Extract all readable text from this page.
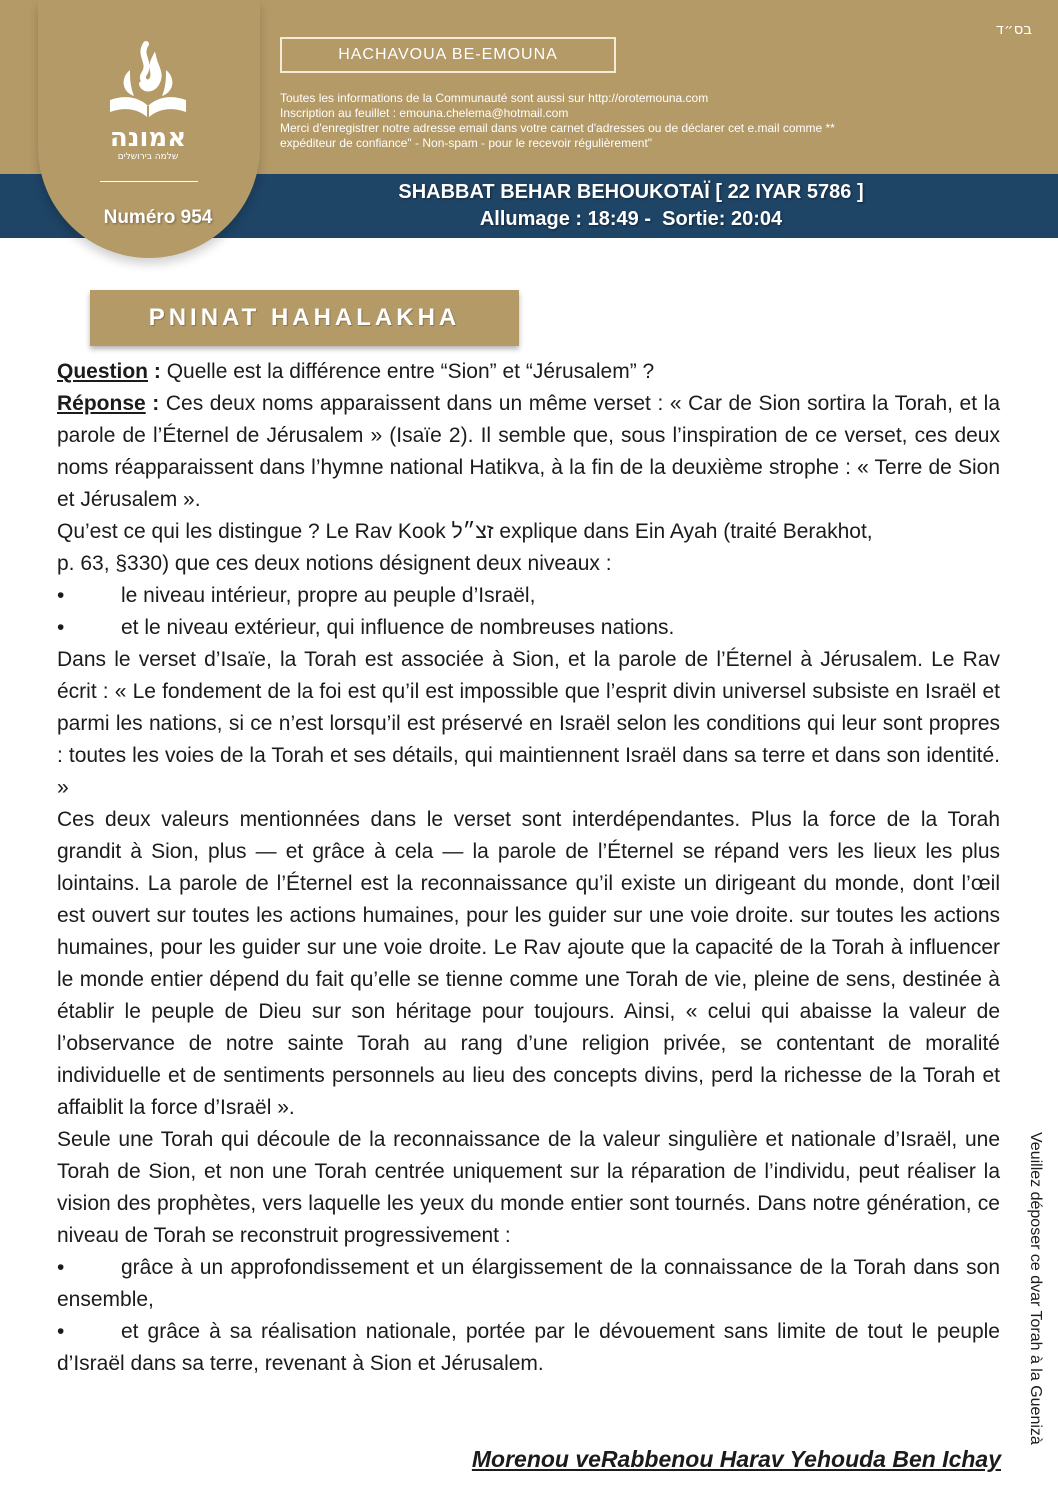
אמונה
שלמה בירושלים
Numéro 954
HACHAVOUA BE-EMOUNA
Toutes les informations de la Communauté sont aussi sur http://orotemouna.com
Inscription au feuillet : emouna.chelema@hotmail.com
Merci d'enregistrer notre adresse email dans votre carnet d'adresses ou de déclarer cet e.mail comme **
expéditeur de confiance" - Non-spam - pour le recevoir régulièrement"
בס״ד
SHABBAT BEHAR BEHOUKOTAÏ [ 22 IYAR 5786 ]
Allumage : 18:49 -  Sortie: 20:04
PNINAT HAHALAKHA

Question : Quelle est la différence entre “Sion” et “Jérusalem” ?

Réponse : Ces deux noms apparaissent dans un même verset : « Car de Sion sortira la Torah, et la parole de l’Éternel de Jérusalem » (Isaïe 2). Il semble que, sous l’inspiration de ce verset, ces deux noms réapparaissent dans l’hymne national Hatikva, à la fin de la deuxième strophe : « Terre de Sion et Jérusalem ».

Qu’est ce qui les distingue ? Le Rav Kook זצ״ל explique dans Ein Ayah (traité Berakhot,

p. 63, §330) que ces deux notions désignent deux niveaux :

•	le niveau intérieur, propre au peuple d’Israël,
•	et le niveau extérieur, qui influence de nombreuses nations.

Dans le verset d’Isaïe, la Torah est associée à Sion, et la parole de l’Éternel à Jérusalem. Le Rav écrit : « Le fondement de la foi est qu’il est impossible que l’esprit divin universel subsiste en Israël et parmi les nations, si ce n’est lorsqu’il est préservé en Israël selon les conditions qui leur sont propres : toutes les voies de la Torah et ses détails, qui maintiennent Israël dans sa terre et dans son identité. »

Ces deux valeurs mentionnées dans le verset sont interdépendantes. Plus la force de la Torah grandit à Sion, plus — et grâce à cela — la parole de l’Éternel se répand vers les lieux les plus lointains. La parole de l’Éternel est la reconnaissance qu’il existe un dirigeant du monde, dont l’œil est ouvert sur toutes les actions humaines, pour les guider sur une voie droite. sur toutes les actions humaines, pour les guider sur une voie droite. Le Rav ajoute que la capacité de la Torah à influencer le monde entier dépend du fait qu’elle se tienne comme une Torah de vie, pleine de sens, destinée à établir le peuple de Dieu sur son héritage pour toujours. Ainsi, « celui qui abaisse la valeur de l’observance de notre sainte Torah au rang d’une religion privée, se contentant de moralité individuelle et de sentiments personnels au lieu des concepts divins, perd la richesse de la Torah et affaiblit la force d’Israël ».

Seule une Torah qui découle de la reconnaissance de la valeur singulière et nationale d’Israël, une Torah de Sion, et non une Torah centrée uniquement sur la réparation de l’individu, peut réaliser la vision des prophètes, vers laquelle les yeux du monde entier sont tournés. Dans notre génération, ce niveau de Torah se reconstruit progressivement :

•	grâce à un approfondissement et un élargissement de la connaissance de la Torah dans son ensemble,

•	et grâce à sa réalisation nationale, portée par le dévouement sans limite de tout le peuple d’Israël dans sa terre, revenant à Sion et Jérusalem.	Veuillez déposer ce dvar Torah à la Guenizà
Morenou veRabbenou Harav Yehouda Ben Ichay
